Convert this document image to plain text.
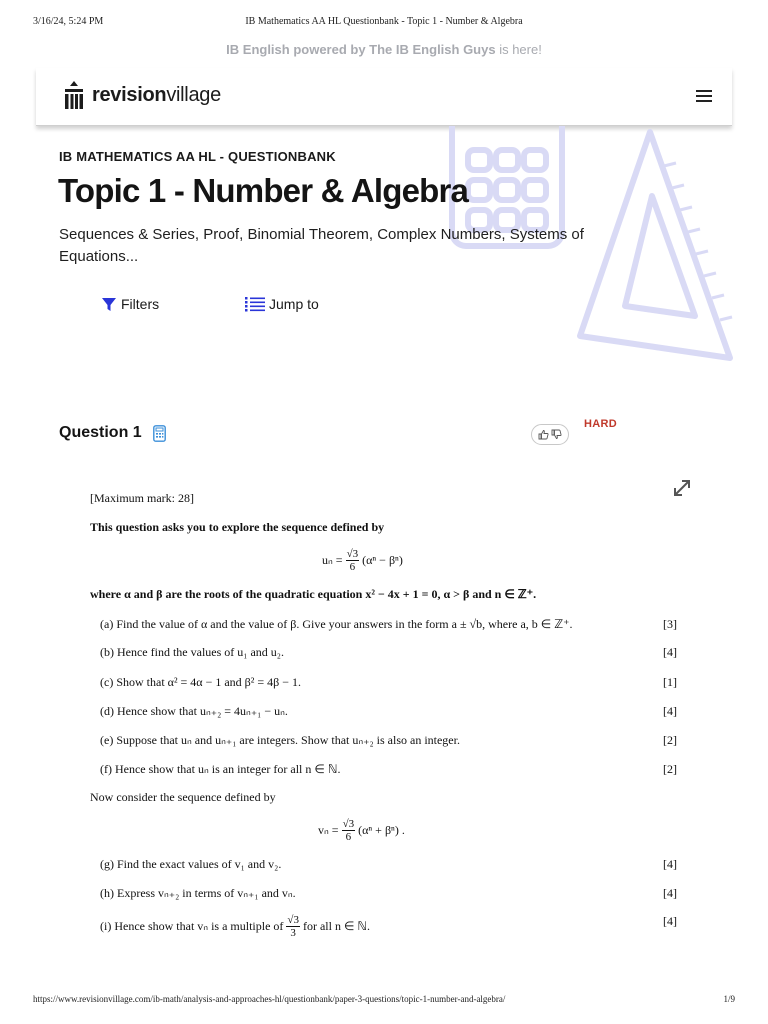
3/16/24, 5:24 PM	IB Mathematics AA HL Questionbank - Topic 1 - Number & Algebra
IB English powered by The IB English Guys is here!
revisionvillage
IB MATHEMATICS AA HL - QUESTIONBANK
Topic 1 - Number & Algebra

Sequences & Series, Proof, Binomial Theorem, Complex Numbers, Systems of Equations...

Filters	Jump to
Question 1	HARD
[Maximum mark: 28]
This question asks you to explore the sequence defined by
$u_n = \frac{√3}{6} (\alpha^n - \beta^n)$
where α and β are the roots of the quadratic equation x² − 4x + 1 = 0, α > β and n ∈ ℤ⁺.
(a) Find the value of α and the value of β. Give your answers in the form a ± √b, where a, b ∈ ℤ⁺.	[3]
(b) Hence find the values of u₁ and u₂.	[4]
(c) Show that α² = 4α − 1 and β² = 4β − 1.	[1]
(d) Hence show that uₙ₊₂ = 4uₙ₊₁ − uₙ.	[4]
(e) Suppose that uₙ and uₙ₊₁ are integers. Show that uₙ₊₂ is also an integer.	[2]
(f) Hence show that uₙ is an integer for all n ∈ ℕ.	[2]
Now consider the sequence defined by
$v_n = \frac{√3}{6} (\alpha^n + \beta^n)$ .
(g) Find the exact values of v₁ and v₂.	[4]
(h) Express vₙ₊₂ in terms of vₙ₊₁ and vₙ.	[4]
(i) Hence show that vₙ is a multiple of $\frac{√3}{3}$ for all n ∈ ℕ.	[4]
https://www.revisionvillage.com/ib-math/analysis-and-approaches-hl/questionbank/paper-3-questions/topic-1-number-and-algebra/	1/9
